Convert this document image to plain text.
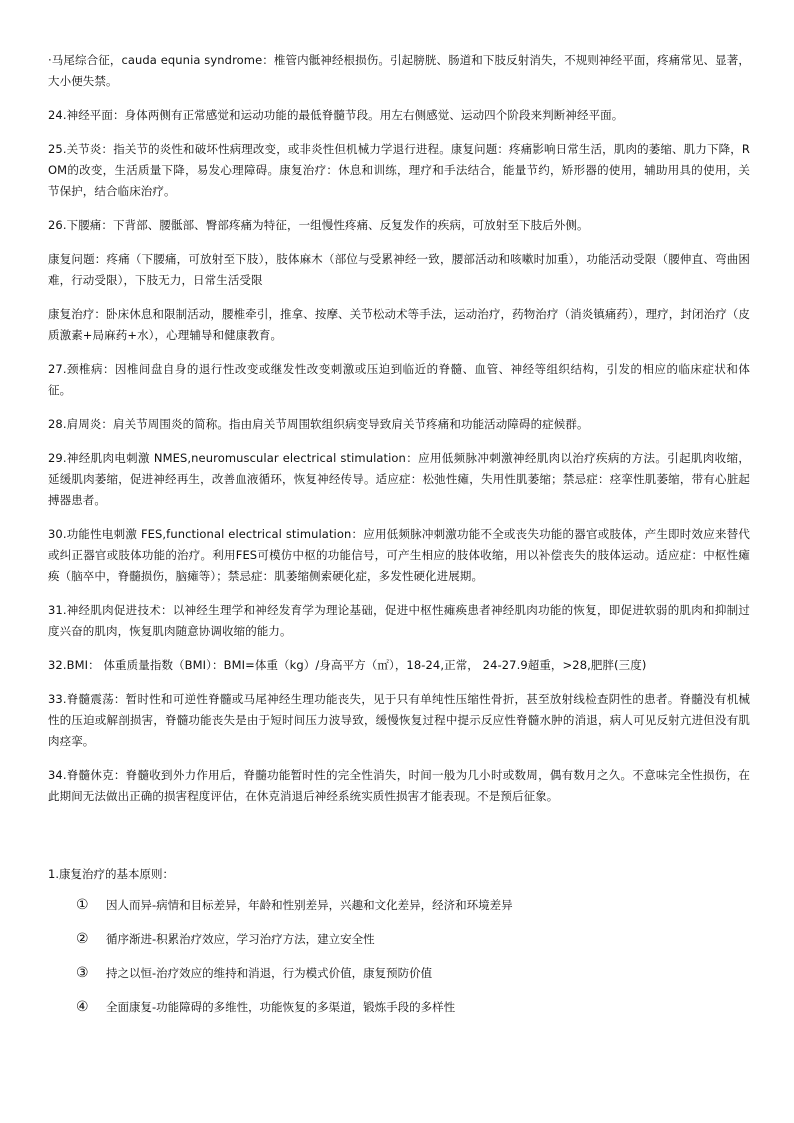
·马尾综合征，cauda equnia syndrome：椎管内骶神经根损伤。引起膀胱、肠道和下肢反射消失，不规则神经平面，疼痛常见、显著，大小便失禁。

24.神经平面：身体两侧有正常感觉和运动功能的最低脊髓节段。用左右侧感觉、运动四个阶段来判断神经平面。

25.关节炎：指关节的炎性和破坏性病理改变，或非炎性但机械力学退行进程。康复问题：疼痛影响日常生活，肌肉的萎缩、肌力下降，ROM的改变，生活质量下降，易发心理障碍。康复治疗：休息和训练，理疗和手法结合，能量节约，矫形器的使用，辅助用具的使用，关节保护，结合临床治疗。

26.下腰痛：下背部、腰骶部、臀部疼痛为特征，一组慢性疼痛、反复发作的疾病，可放射至下肢后外侧。

康复问题：疼痛（下腰痛，可放射至下肢），肢体麻木（部位与受累神经一致，腰部活动和咳嗽时加重），功能活动受限（腰伸直、弯曲困难，行动受限），下肢无力，日常生活受限

康复治疗：卧床休息和限制活动，腰椎牵引，推拿、按摩、关节松动术等手法，运动治疗，药物治疗（消炎镇痛药），理疗，封闭治疗（皮质激素+局麻药+水），心理辅导和健康教育。

27.颈椎病：因椎间盘自身的退行性改变或继发性改变刺激或压迫到临近的脊髓、血管、神经等组织结构，引发的相应的临床症状和体征。

28.肩周炎：肩关节周围炎的简称。指由肩关节周围软组织病变导致肩关节疼痛和功能活动障碍的症候群。

29.神经肌肉电刺激 NMES,neuromuscular electrical stimulation：应用低频脉冲刺激神经肌肉以治疗疾病的方法。引起肌肉收缩，延缓肌肉萎缩，促进神经再生，改善血液循环，恢复神经传导。适应症：松弛性瘫，失用性肌萎缩；禁忌症：痉挛性肌萎缩，带有心脏起搏器患者。

30.功能性电刺激 FES,functional electrical stimulation：应用低频脉冲刺激功能不全或丧失功能的器官或肢体，产生即时效应来替代或纠正器官或肢体功能的治疗。利用FES可模仿中枢的功能信号，可产生相应的肢体收缩，用以补偿丧失的肢体运动。适应症：中枢性瘫痪（脑卒中，脊髓损伤，脑瘫等）；禁忌症：肌萎缩侧索硬化症，多发性硬化进展期。

31.神经肌肉促进技术：以神经生理学和神经发育学为理论基础，促进中枢性瘫痪患者神经肌肉功能的恢复，即促进软弱的肌肉和抑制过度兴奋的肌肉，恢复肌肉随意协调收缩的能力。

32.BMI： 体重质量指数（BMI）：BMI=体重（kg）/身高平方（㎡），18-24,正常， 24-27.9超重，>28,肥胖(三度)

33.脊髓震荡：暂时性和可逆性脊髓或马尾神经生理功能丧失，见于只有单纯性压缩性骨折，甚至放射线检查阴性的患者。脊髓没有机械性的压迫或解剖损害，脊髓功能丧失是由于短时间压力波导致，缓慢恢复过程中提示反应性脊髓水肿的消退，病人可见反射亢进但没有肌肉痉挛。

34.脊髓休克：脊髓收到外力作用后，脊髓功能暂时性的完全性消失，时间一般为几小时或数周，偶有数月之久。不意味完全性损伤，在此期间无法做出正确的损害程度评估，在休克消退后神经系统实质性损害才能表现。不是预后征象。

1.康复治疗的基本原则：

①	因人而异-病情和目标差异，年龄和性别差异，兴趣和文化差异，经济和环境差异
②	循序渐进-积累治疗效应，学习治疗方法，建立安全性
③	持之以恒-治疗效应的维持和消退，行为模式价值，康复预防价值
④	全面康复-功能障碍的多维性，功能恢复的多渠道，锻炼手段的多样性
